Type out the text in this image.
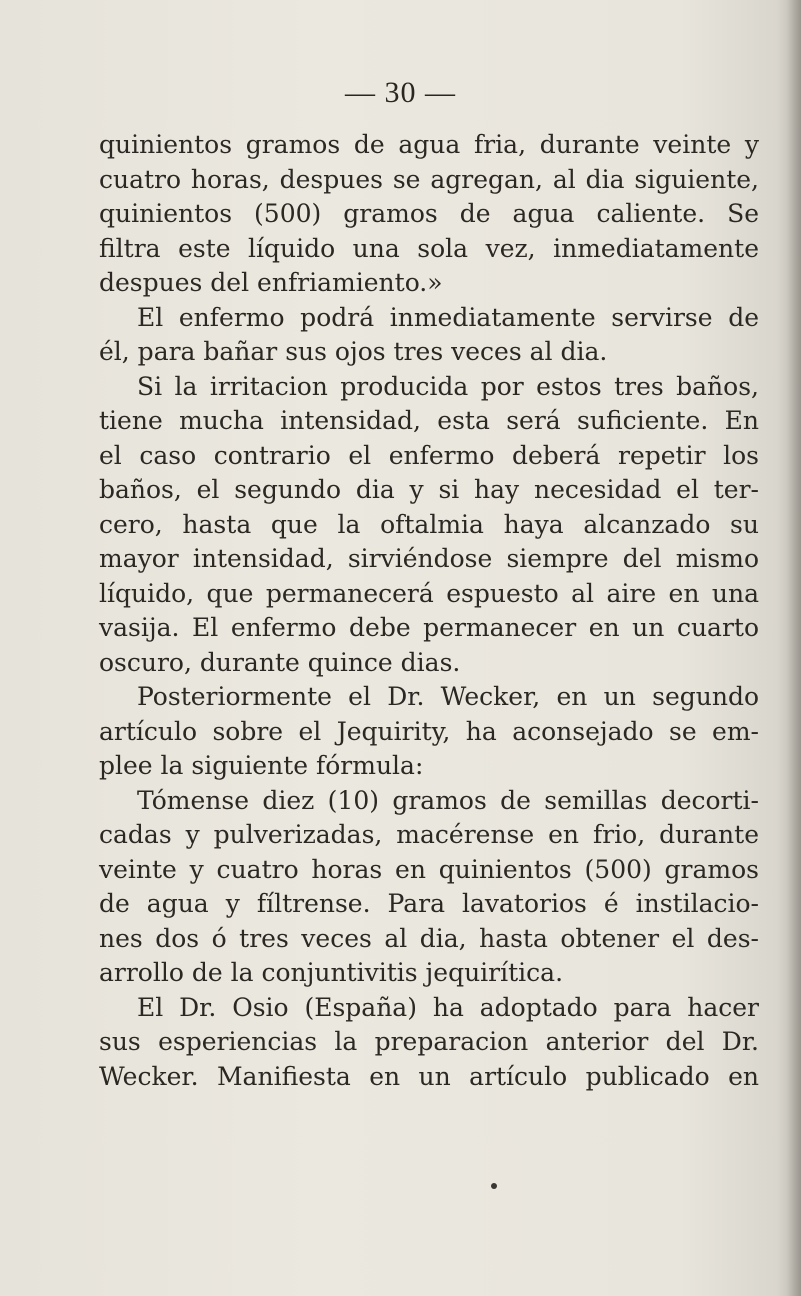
— 30 —
quinientos gramos de agua fria, durante veinte y
cuatro horas, despues se agregan, al dia siguiente,
quinientos (500) gramos de agua caliente. Se
filtra este líquido una sola vez, inmediatamente
despues del enfriamiento.»
El enfermo podrá inmediatamente servirse de
él, para bañar sus ojos tres veces al dia.
Si la irritacion producida por estos tres baños,
tiene mucha intensidad, esta será suficiente. En
el caso contrario el enfermo deberá repetir los
baños, el segundo dia y si hay necesidad el ter-
cero, hasta que la oftalmia haya alcanzado su
mayor intensidad, sirviéndose siempre del mismo
líquido, que permanecerá espuesto al aire en una
vasija. El enfermo debe permanecer en un cuarto
oscuro, durante quince dias.
Posteriormente el Dr. Wecker, en un segundo
artículo sobre el Jequirity, ha aconsejado se em-
plee la siguiente fórmula:
Tómense diez (10) gramos de semillas decorti-
cadas y pulverizadas, macérense en frio, durante
veinte y cuatro horas en quinientos (500) gramos
de agua y fíltrense. Para lavatorios é instilacio-
nes dos ó tres veces al dia, hasta obtener el des-
arrollo de la conjuntivitis jequirítica.
El Dr. Osio (España) ha adoptado para hacer
sus esperiencias la preparacion anterior del Dr.
Wecker. Manifiesta en un artículo publicado en
